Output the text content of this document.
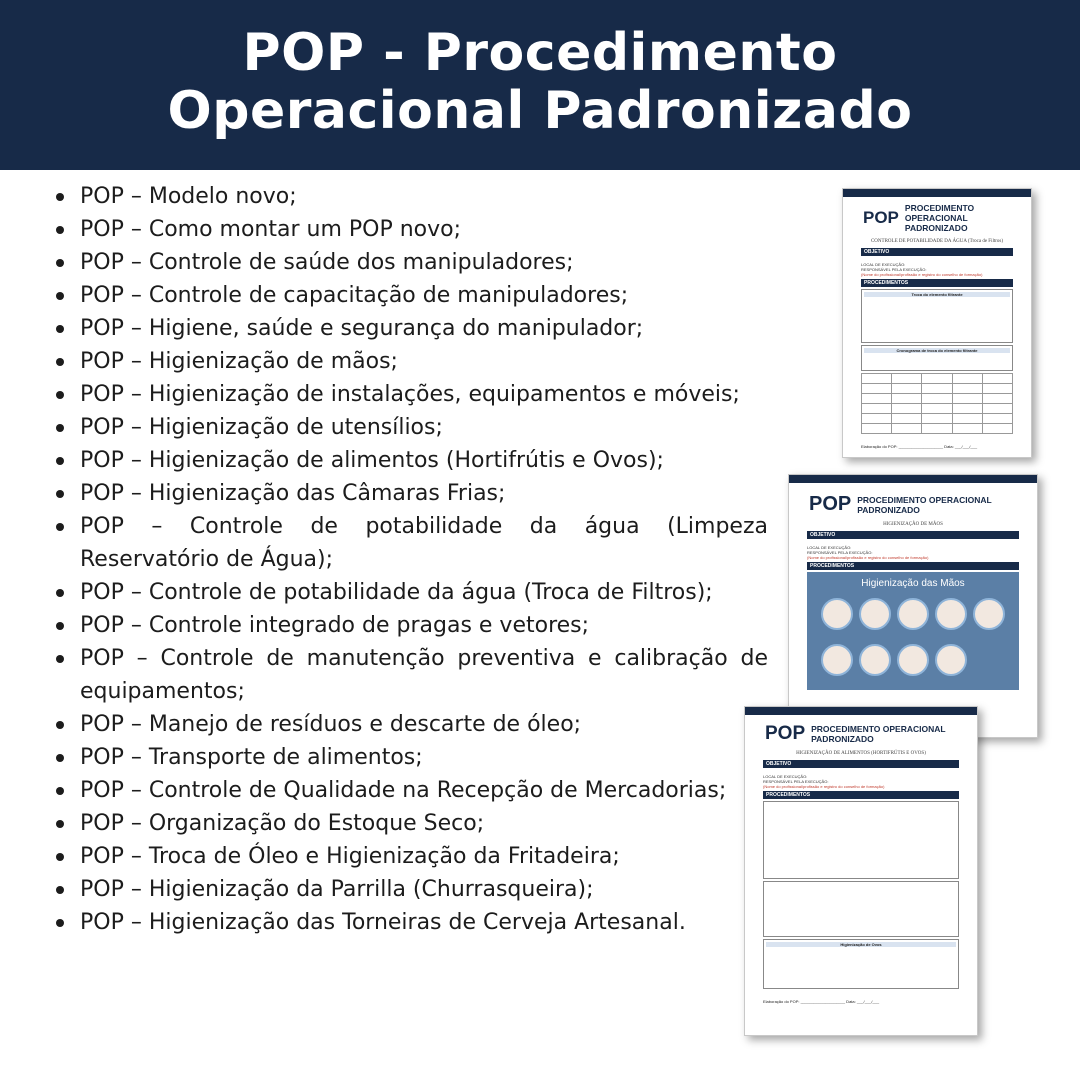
POP - Procedimento
Operacional Padronizado
POP – Modelo novo;
POP – Como montar um POP novo;
POP – Controle de saúde dos manipuladores;
POP – Controle de capacitação de manipuladores;
POP – Higiene, saúde e segurança do manipulador;
POP – Higienização de mãos;
POP – Higienização de instalações, equipamentos e móveis;
POP – Higienização de utensílios;
POP – Higienização de alimentos (Hortifrútis e Ovos);
POP – Higienização das Câmaras Frias;
POP – Controle de potabilidade da água (Limpeza Reservatório de Água);
POP – Controle de potabilidade da água (Troca de Filtros);
POP – Controle integrado de pragas e vetores;
POP – Controle de manutenção preventiva e calibração de equipamentos;
POP – Manejo de resíduos e descarte de óleo;
POP – Transporte de alimentos;
POP – Controle de Qualidade na Recepção de Mercadorias;
POP – Organização do Estoque Seco;
POP – Troca de Óleo e Higienização da Fritadeira;
POP – Higienização da Parrilla (Churrasqueira);
POP – Higienização das Torneiras de Cerveja Artesanal.
POP PROCEDIMENTO OPERACIONAL PADRONIZADO
CONTROLE DE POTABILIDADE DA ÁGUA (Troca de Filtros)
OBJETIVO

LOCAL DE EXECUÇÃO:
RESPONSÁVEL PELA EXECUÇÃO:
(Nome do profissional/profissão e registro do conselho de formação)
PROCEDIMENTOS
Troca do elemento filtrante
Cronograma de troca do elemento filtrante

Elaboração do POP: ____________________ Data: ___/___/___
POP PROCEDIMENTO OPERACIONAL PADRONIZADO
HIGIENIZAÇÃO DE MÃOS
OBJETIVO

LOCAL DE EXECUÇÃO:
RESPONSÁVEL PELA EXECUÇÃO:
(Nome do profissional/profissão e registro do conselho de formação)
PROCEDIMENTOS
Higienização das Mãos
POP PROCEDIMENTO OPERACIONAL PADRONIZADO
HIGIENIZAÇÃO DE ALIMENTOS (HORTIFRÚTIS E OVOS)
OBJETIVO

LOCAL DE EXECUÇÃO:
RESPONSÁVEL PELA EXECUÇÃO:
(Nome do profissional/profissão e registro do conselho de formação)
PROCEDIMENTOS
Higienização de Ovos
Elaboração do POP: ____________________ Data: ___/___/___
